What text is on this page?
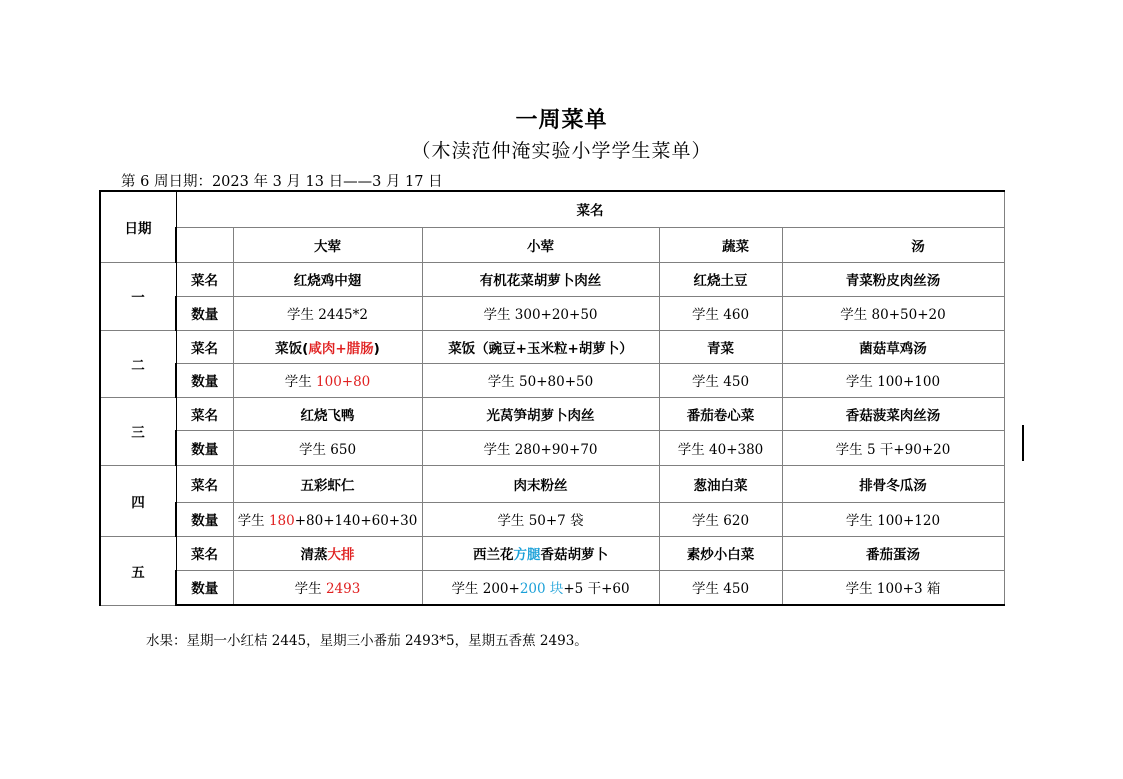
一周菜单
（木渎范仲淹实验小学学生菜单）
第 6 周日期：2023 年 3 月 13 日——3 月 17 日
日期	菜名				
		大荤	小荤	蔬菜	汤
一	菜名	红烧鸡中翅	有机花菜胡萝卜肉丝	红烧土豆	青菜粉皮肉丝汤
	数量	学生 2445*2	学生 300+20+50	学生 460	学生 80+50+20
二	菜名	菜饭(咸肉+腊肠)	菜饭（豌豆+玉米粒+胡萝卜）	青菜	菌菇草鸡汤
	数量	学生 100+80	学生 50+80+50	学生 450	学生 100+100
三	菜名	红烧飞鸭	光莴笋胡萝卜肉丝	番茄卷心菜	香菇菠菜肉丝汤
	数量	学生 650	学生 280+90+70	学生 40+380	学生 5 干+90+20
四	菜名	五彩虾仁	肉末粉丝	葱油白菜	排骨冬瓜汤
	数量	学生 180+80+140+60+30	学生 50+7 袋	学生 620	学生 100+120
五	菜名	清蒸大排	西兰花方腿香菇胡萝卜	素炒小白菜	番茄蛋汤
	数量	学生 2493	学生 200+200 块+5 干+60	学生 450	学生 100+3 箱
水果：星期一小红桔 2445，星期三小番茄 2493*5，星期五香蕉 2493。
